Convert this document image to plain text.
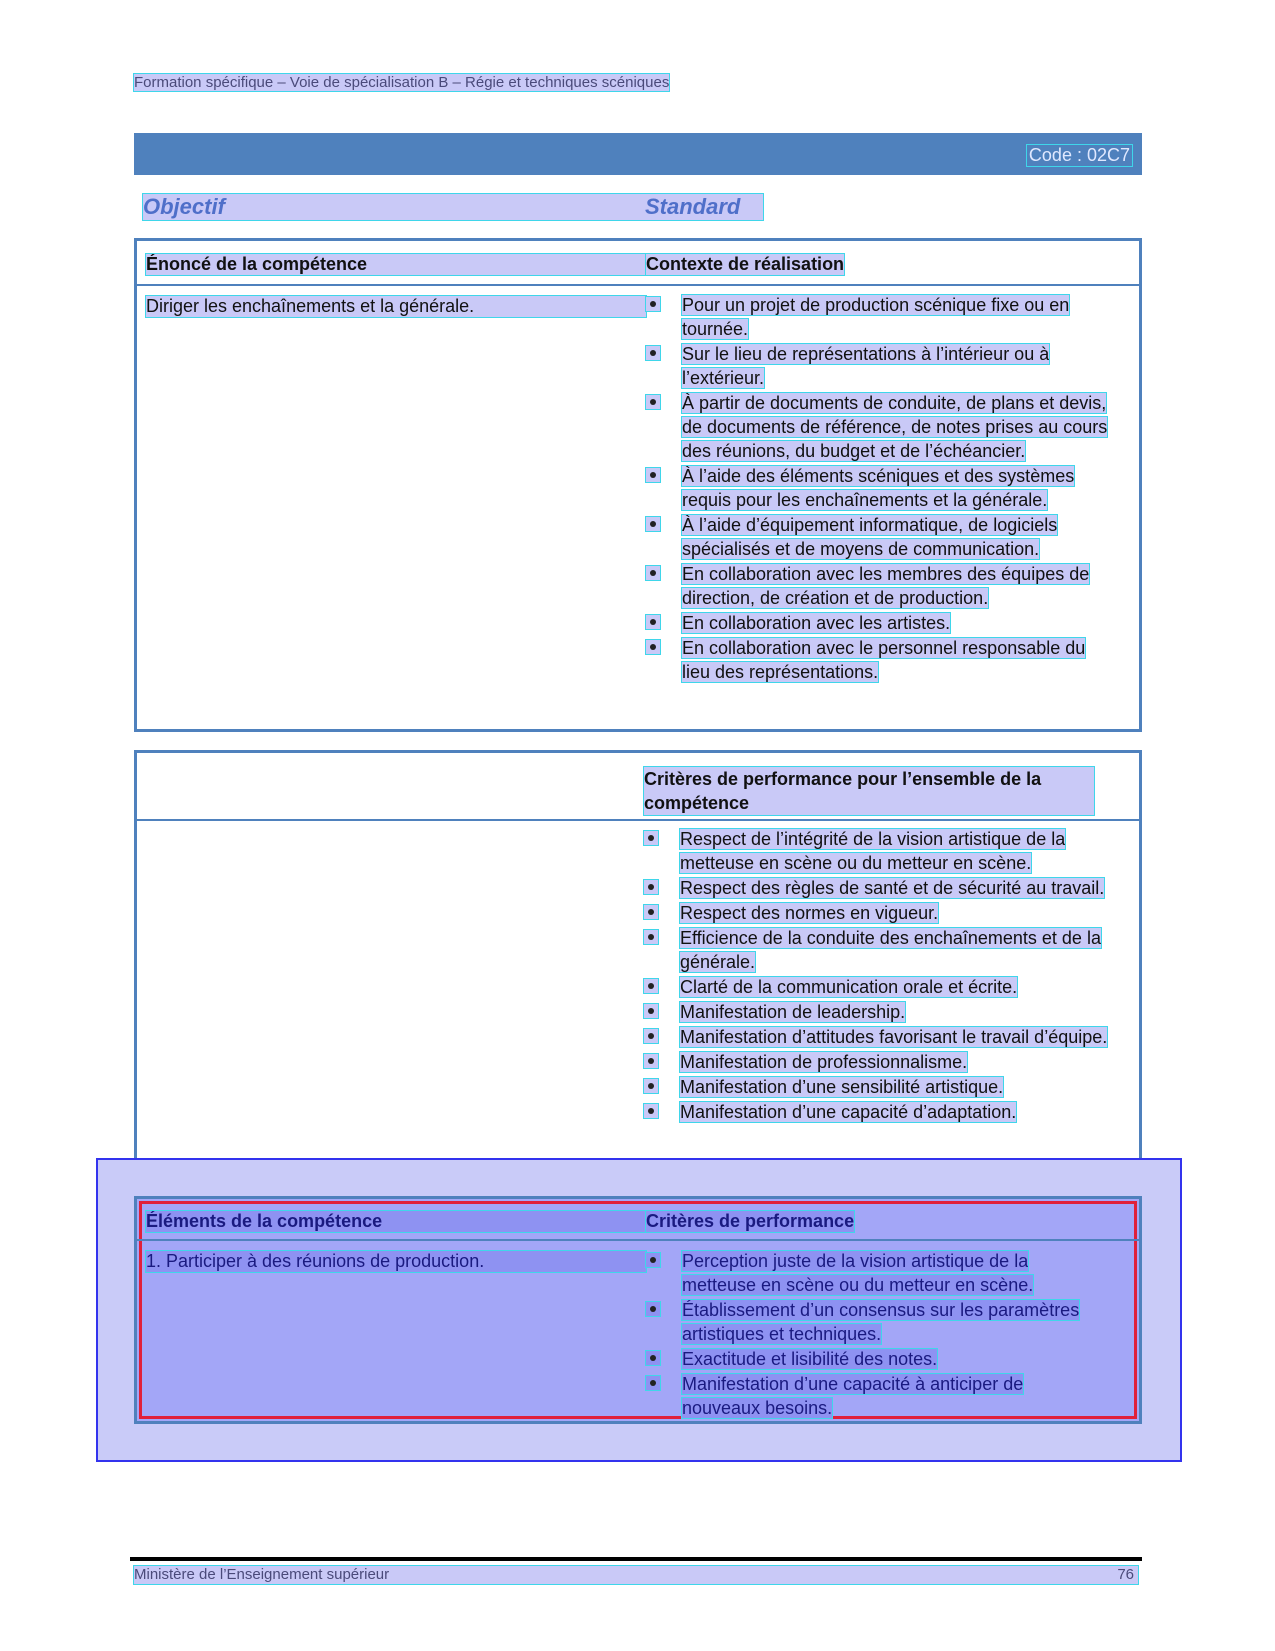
Formation spécifique – Voie de spécialisation B – Régie et techniques scéniques
Code : 02C7
Objectif	Standard
Énoncé de la compétence	Contexte de réalisation
Diriger les enchaînements et la générale.	Pour un projet de production scénique fixe ou en tournée.
Sur le lieu de représentations à l’intérieur ou à l’extérieur.
À partir de documents de conduite, de plans et devis, de documents de référence, de notes prises au cours des réunions, du budget et de l’échéancier.
À l’aide des éléments scéniques et des systèmes requis pour les enchaînements et la générale.
À l’aide d’équipement informatique, de logiciels spécialisés et de moyens de communication.
En collaboration avec les membres des équipes de direction, de création et de production.
En collaboration avec les artistes.
En collaboration avec le personnel responsable du lieu des représentations.
Critères de performance pour l’ensemble de la compétence
Respect de l’intégrité de la vision artistique de la metteuse en scène ou du metteur en scène.
Respect des règles de santé et de sécurité au travail.
Respect des normes en vigueur.
Efficience de la conduite des enchaînements et de la générale.
Clarté de la communication orale et écrite.
Manifestation de leadership.
Manifestation d’attitudes favorisant le travail d’équipe.
Manifestation de professionnalisme.
Manifestation d’une sensibilité artistique.
Manifestation d’une capacité d’adaptation.
Éléments de la compétence	Critères de performance
1. Participer à des réunions de production.	Perception juste de la vision artistique de la metteuse en scène ou du metteur en scène.
Établissement d’un consensus sur les paramètres artistiques et techniques.
Exactitude et lisibilité des notes.
Manifestation d’une capacité à anticiper de nouveaux besoins.
Ministère de l’Enseignement supérieur	76
